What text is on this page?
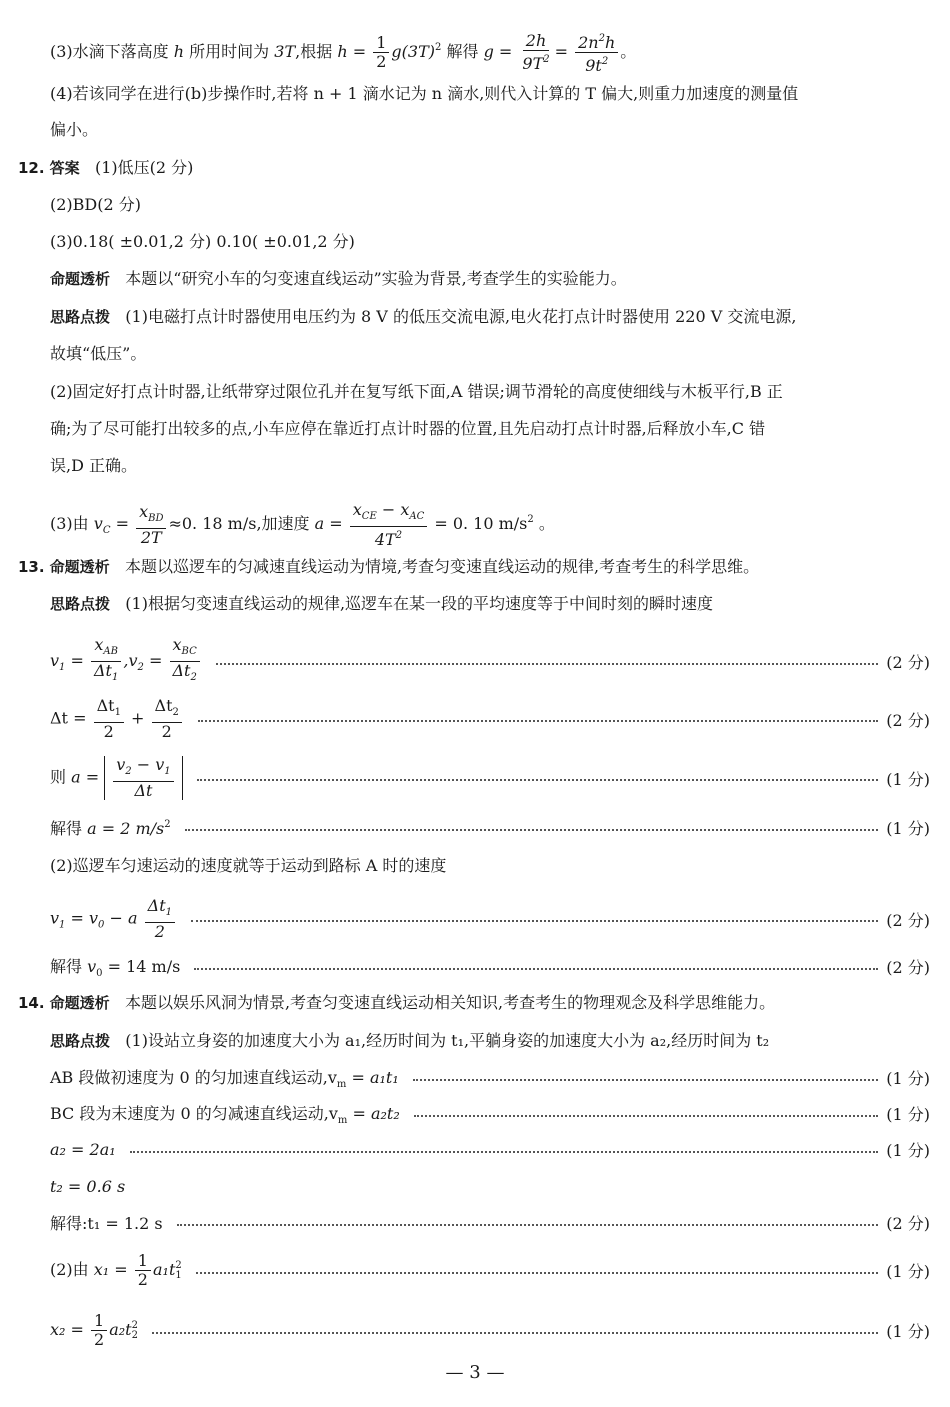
(3)水滴下落高度 h 所用时间为 3T,根据 $h = \frac{1}{2} g(3T)^2$ 解得 $g = \frac{2h}{9T^2} = \frac{2n^2h}{9t^2}$ 。
(4)若该同学在进行(b)步操作时,若将 n + 1 滴水记为 n 滴水,则代入计算的 T 偏大,则重力加速度的测量值
偏小。
12. 答案 (1)低压(2 分)
(2)BD(2 分)
(3)0.18( ±0.01,2 分) 0.10( ±0.01,2 分)
命题透析 本题以“研究小车的匀变速直线运动”实验为背景,考查学生的实验能力。
思路点拨 (1)电磁打点计时器使用电压约为 8 V 的低压交流电源,电火花打点计时器使用 220 V 交流电源,
故填“低压”。
(2)固定好打点计时器,让纸带穿过限位孔并在复写纸下面,A 错误;调节滑轮的高度使细线与木板平行,B 正
确;为了尽可能打出较多的点,小车应停在靠近打点计时器的位置,且先启动打点计时器,后释放小车,C 错
误,D 正确。
(3)由 $v_C = \frac{x_{BD}}{2T} \approx 0$. 18 m/s,加速度 $a = \frac{x_{CE} - x_{AC}}{4T^2} = 0$. 10 $m/s^2$ 。
13. 命题透析 本题以巡逻车的匀减速直线运动为情境,考查匀变速直线运动的规律,考查考生的科学思维。
思路点拨 (1)根据匀变速直线运动的规律,巡逻车在某一段的平均速度等于中间时刻的瞬时速度
$v_1 = \frac{x_{AB}}{\Delta t_1} ,v_2 = \frac{x_{BC}}{\Delta t_2}$	(2 分)
$\Delta t = \frac{\Delta t_1}{2} + \frac{\Delta t_2}{2}$	(2 分)
则 $a = \frac{v_2 - v_1}{\Delta t}$	(1 分)
解得 a = 2 $m/s^2$	(1 分)
(2)巡逻车匀速运动的速度就等于运动到路标 A 时的速度
$v_1 = v_0 - a \frac{\Delta t_1}{2}$	(2 分)
解得 $v_0 = 14$ m/s	(2 分)
14. 命题透析 本题以娱乐风洞为情景,考查匀变速直线运动相关知识,考查考生的物理观念及科学思维能力。
思路点拨 (1)设站立身姿的加速度大小为 a₁,经历时间为 t₁,平躺身姿的加速度大小为 a₂,经历时间为 t₂
AB 段做初速度为 0 的匀加速直线运动$,v_m = a_1t_1$	(1 分)
BC 段为末速度为 0 的匀减速直线运动$,v_m = a_2t_2$	(1 分)
a₂ = 2a₁	(1 分)
t₂ = 0.6 s
解得:t₁ = 1.2 s	(2 分)
(2)由 $x_1 = \frac{1}{2} a_1t$ 2
1	(1 分)
$x_2 = \frac{1}{2} a_2t$ 2
2	(1 分)
— 3 —
